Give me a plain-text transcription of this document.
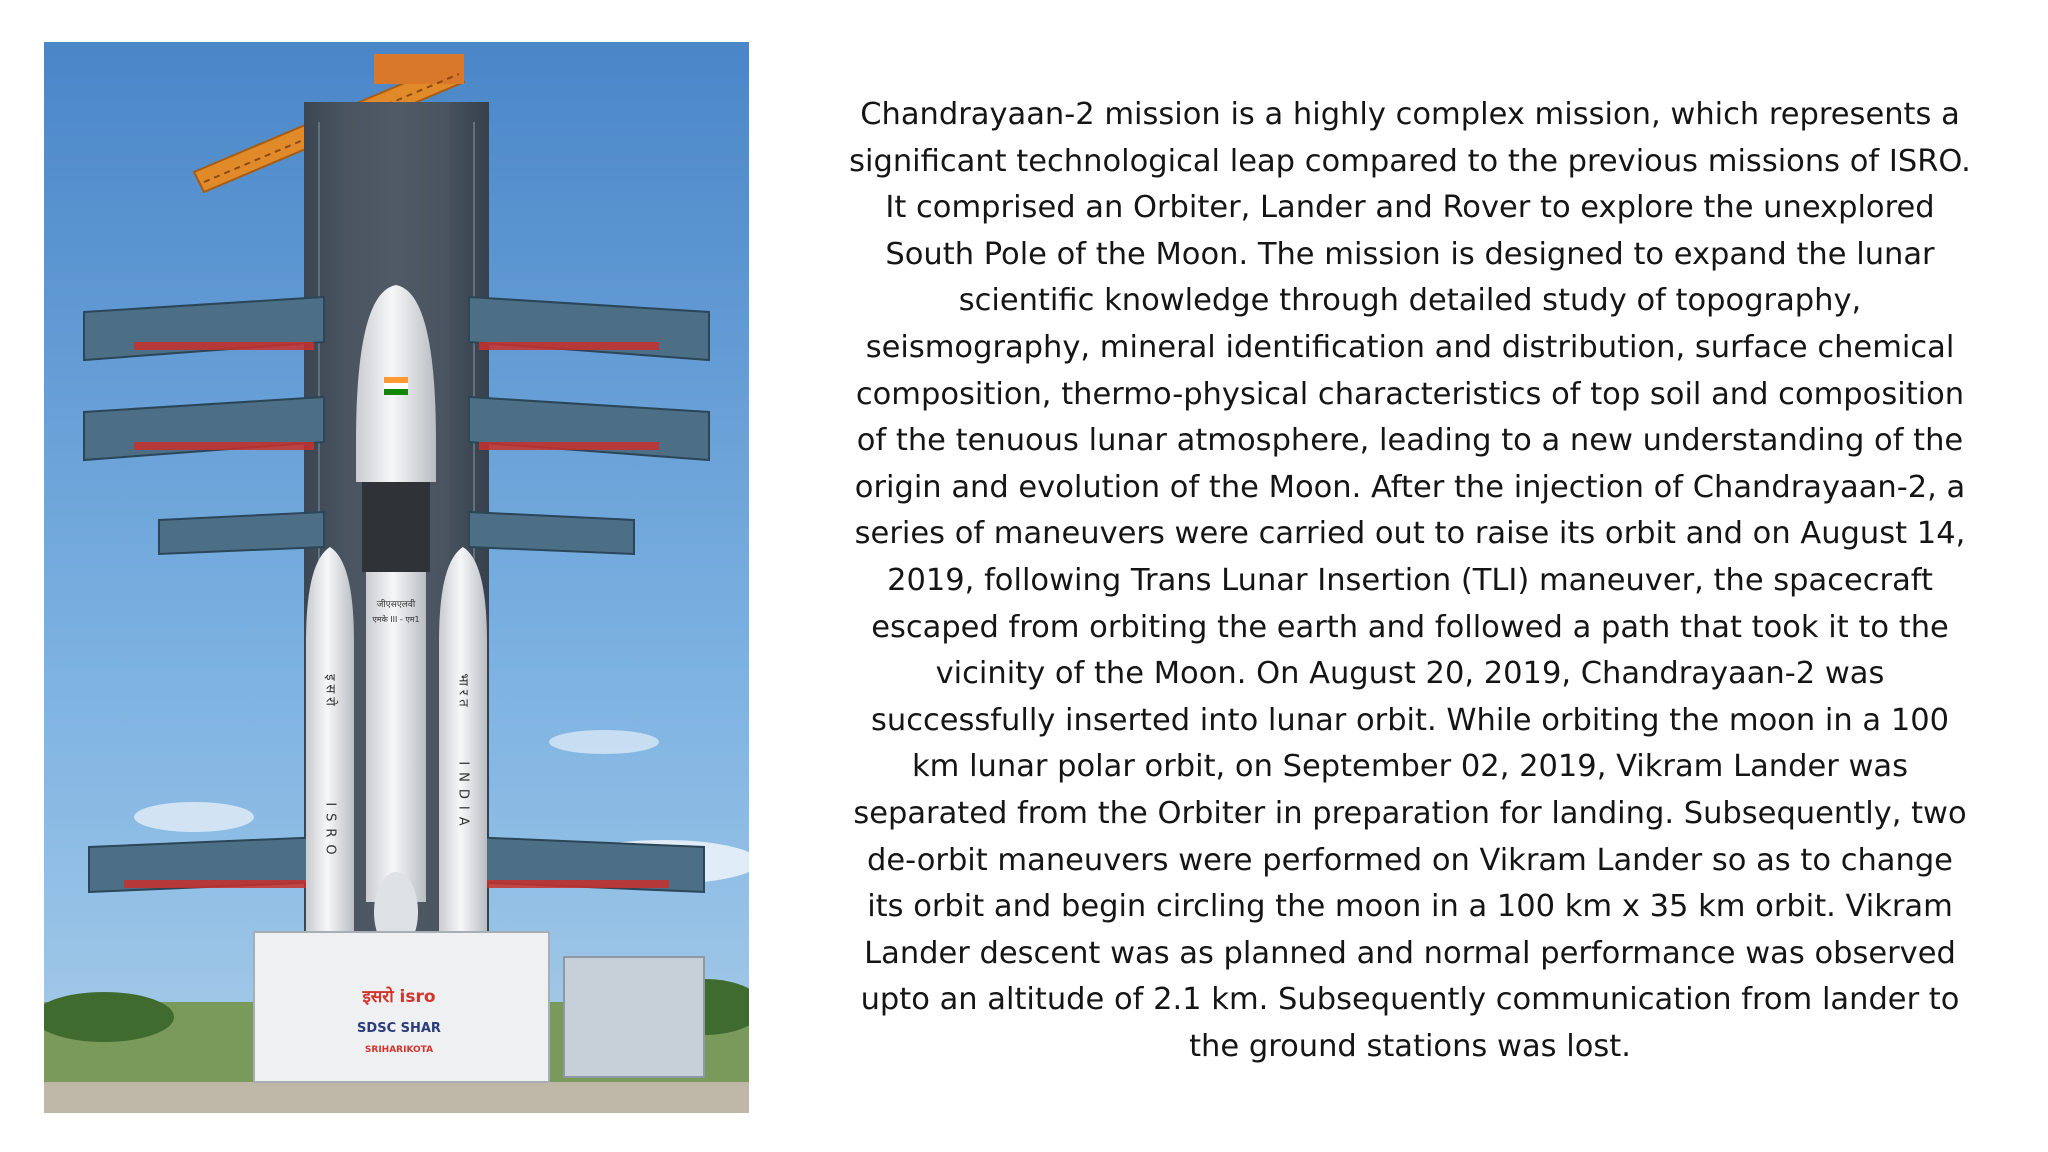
जीएसएलवी
एमके III - एम1
इसरो	भारत
ISRO	INDIA
इसरो isro
SDSC SHAR
SRIHARIKOTA

Chandrayaan-2 mission is a highly complex mission, which represents a
significant technological leap compared to the previous missions of ISRO.
It comprised an Orbiter, Lander and Rover to explore the unexplored
South Pole of the Moon. The mission is designed to expand the lunar
scientific knowledge through detailed study of topography,
seismography, mineral identification and distribution, surface chemical
composition, thermo-physical characteristics of top soil and composition
of the tenuous lunar atmosphere, leading to a new understanding of the
origin and evolution of the Moon. After the injection of Chandrayaan-2, a
series of maneuvers were carried out to raise its orbit and on August 14,
2019, following Trans Lunar Insertion (TLI) maneuver, the spacecraft
escaped from orbiting the earth and followed a path that took it to the
vicinity of the Moon. On August 20, 2019, Chandrayaan-2 was
successfully inserted into lunar orbit. While orbiting the moon in a 100
km lunar polar orbit, on September 02, 2019, Vikram Lander was
separated from the Orbiter in preparation for landing. Subsequently, two
de-orbit maneuvers were performed on Vikram Lander so as to change
its orbit and begin circling the moon in a 100 km x 35 km orbit. Vikram
Lander descent was as planned and normal performance was observed
upto an altitude of 2.1 km. Subsequently communication from lander to
the ground stations was lost.
